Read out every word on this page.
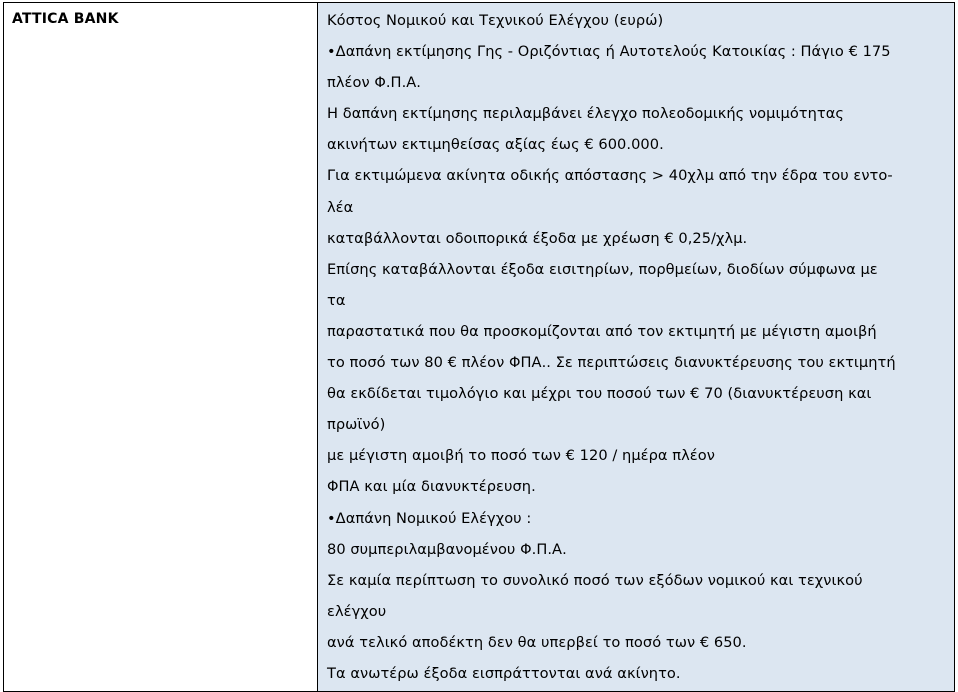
ATTICA BANK	Κόστος Νομικού και Τεχνικού Ελέγχου (ευρώ)
•Δαπάνη εκτίμησης Γης - Οριζόντιας ή Αυτοτελούς Κατοικίας : Πάγιο € 175
πλέον Φ.Π.Α.
Η δαπάνη εκτίμησης περιλαμβάνει έλεγχο πολεοδομικής νομιμότητας
ακινήτων εκτιμηθείσας αξίας έως € 600.000.
Για εκτιμώμενα ακίνητα οδικής απόστασης > 40χλμ από την έδρα του εντο-
λέα
καταβάλλονται οδοιπορικά έξοδα με χρέωση € 0,25/χλμ.
Επίσης καταβάλλονται έξοδα εισιτηρίων, πορθμείων, διοδίων σύμφωνα με
τα
παραστατικά που θα προσκομίζονται από τον εκτιμητή με μέγιστη αμοιβή
το ποσό των 80 € πλέον ΦΠΑ.. Σε περιπτώσεις διανυκτέρευσης του εκτιμητή
θα εκδίδεται τιμολόγιο και μέχρι του ποσού των € 70 (διανυκτέρευση και
πρωϊνό)
με μέγιστη αμοιβή το ποσό των € 120 / ημέρα πλέον
ΦΠΑ και μία διανυκτέρευση.
•Δαπάνη Νομικού Ελέγχου :
80 συμπεριλαμβανομένου Φ.Π.Α.
Σε καμία περίπτωση το συνολικό ποσό των εξόδων νομικού και τεχνικού
ελέγχου
ανά τελικό αποδέκτη δεν θα υπερβεί το ποσό των € 650.
Τα ανωτέρω έξοδα εισπράττονται ανά ακίνητο.
